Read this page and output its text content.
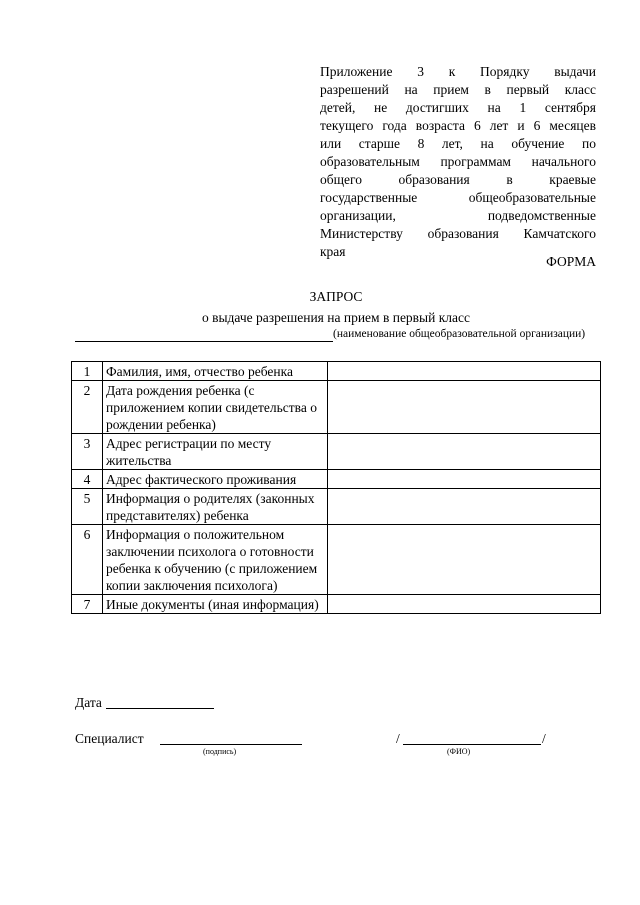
Приложение 3 к Порядку выдачи
разрешений на прием в первый класс
детей, не достигших на 1 сентября
текущего года возраста 6 лет и 6 месяцев
или старше 8 лет, на обучение по
образовательным программам начального
общего образования в краевые
государственные общеобразовательные
организации, подведомственные
Министерству образования Камчатского
края
ФОРМА
ЗАПРОС
о выдаче разрешения на прием в первый класс
(наименование общеобразовательной организации)
1	Фамилия, имя, отчество ребенка	
2	Дата рождения ребенка (с приложением копии свидетельства о рождении ребенка)	
3	Адрес регистрации по месту жительства	
4	Адрес фактического проживания	
5	Информация о родителях (законных представителях) ребенка	
6	Информация о положительном заключении психолога о готовности ребенка к обучению (с приложением копии заключения психолога)	
7	Иные документы (иная информация)	
Дата
Специалист
(подпись)
/	/
(ФИО)
